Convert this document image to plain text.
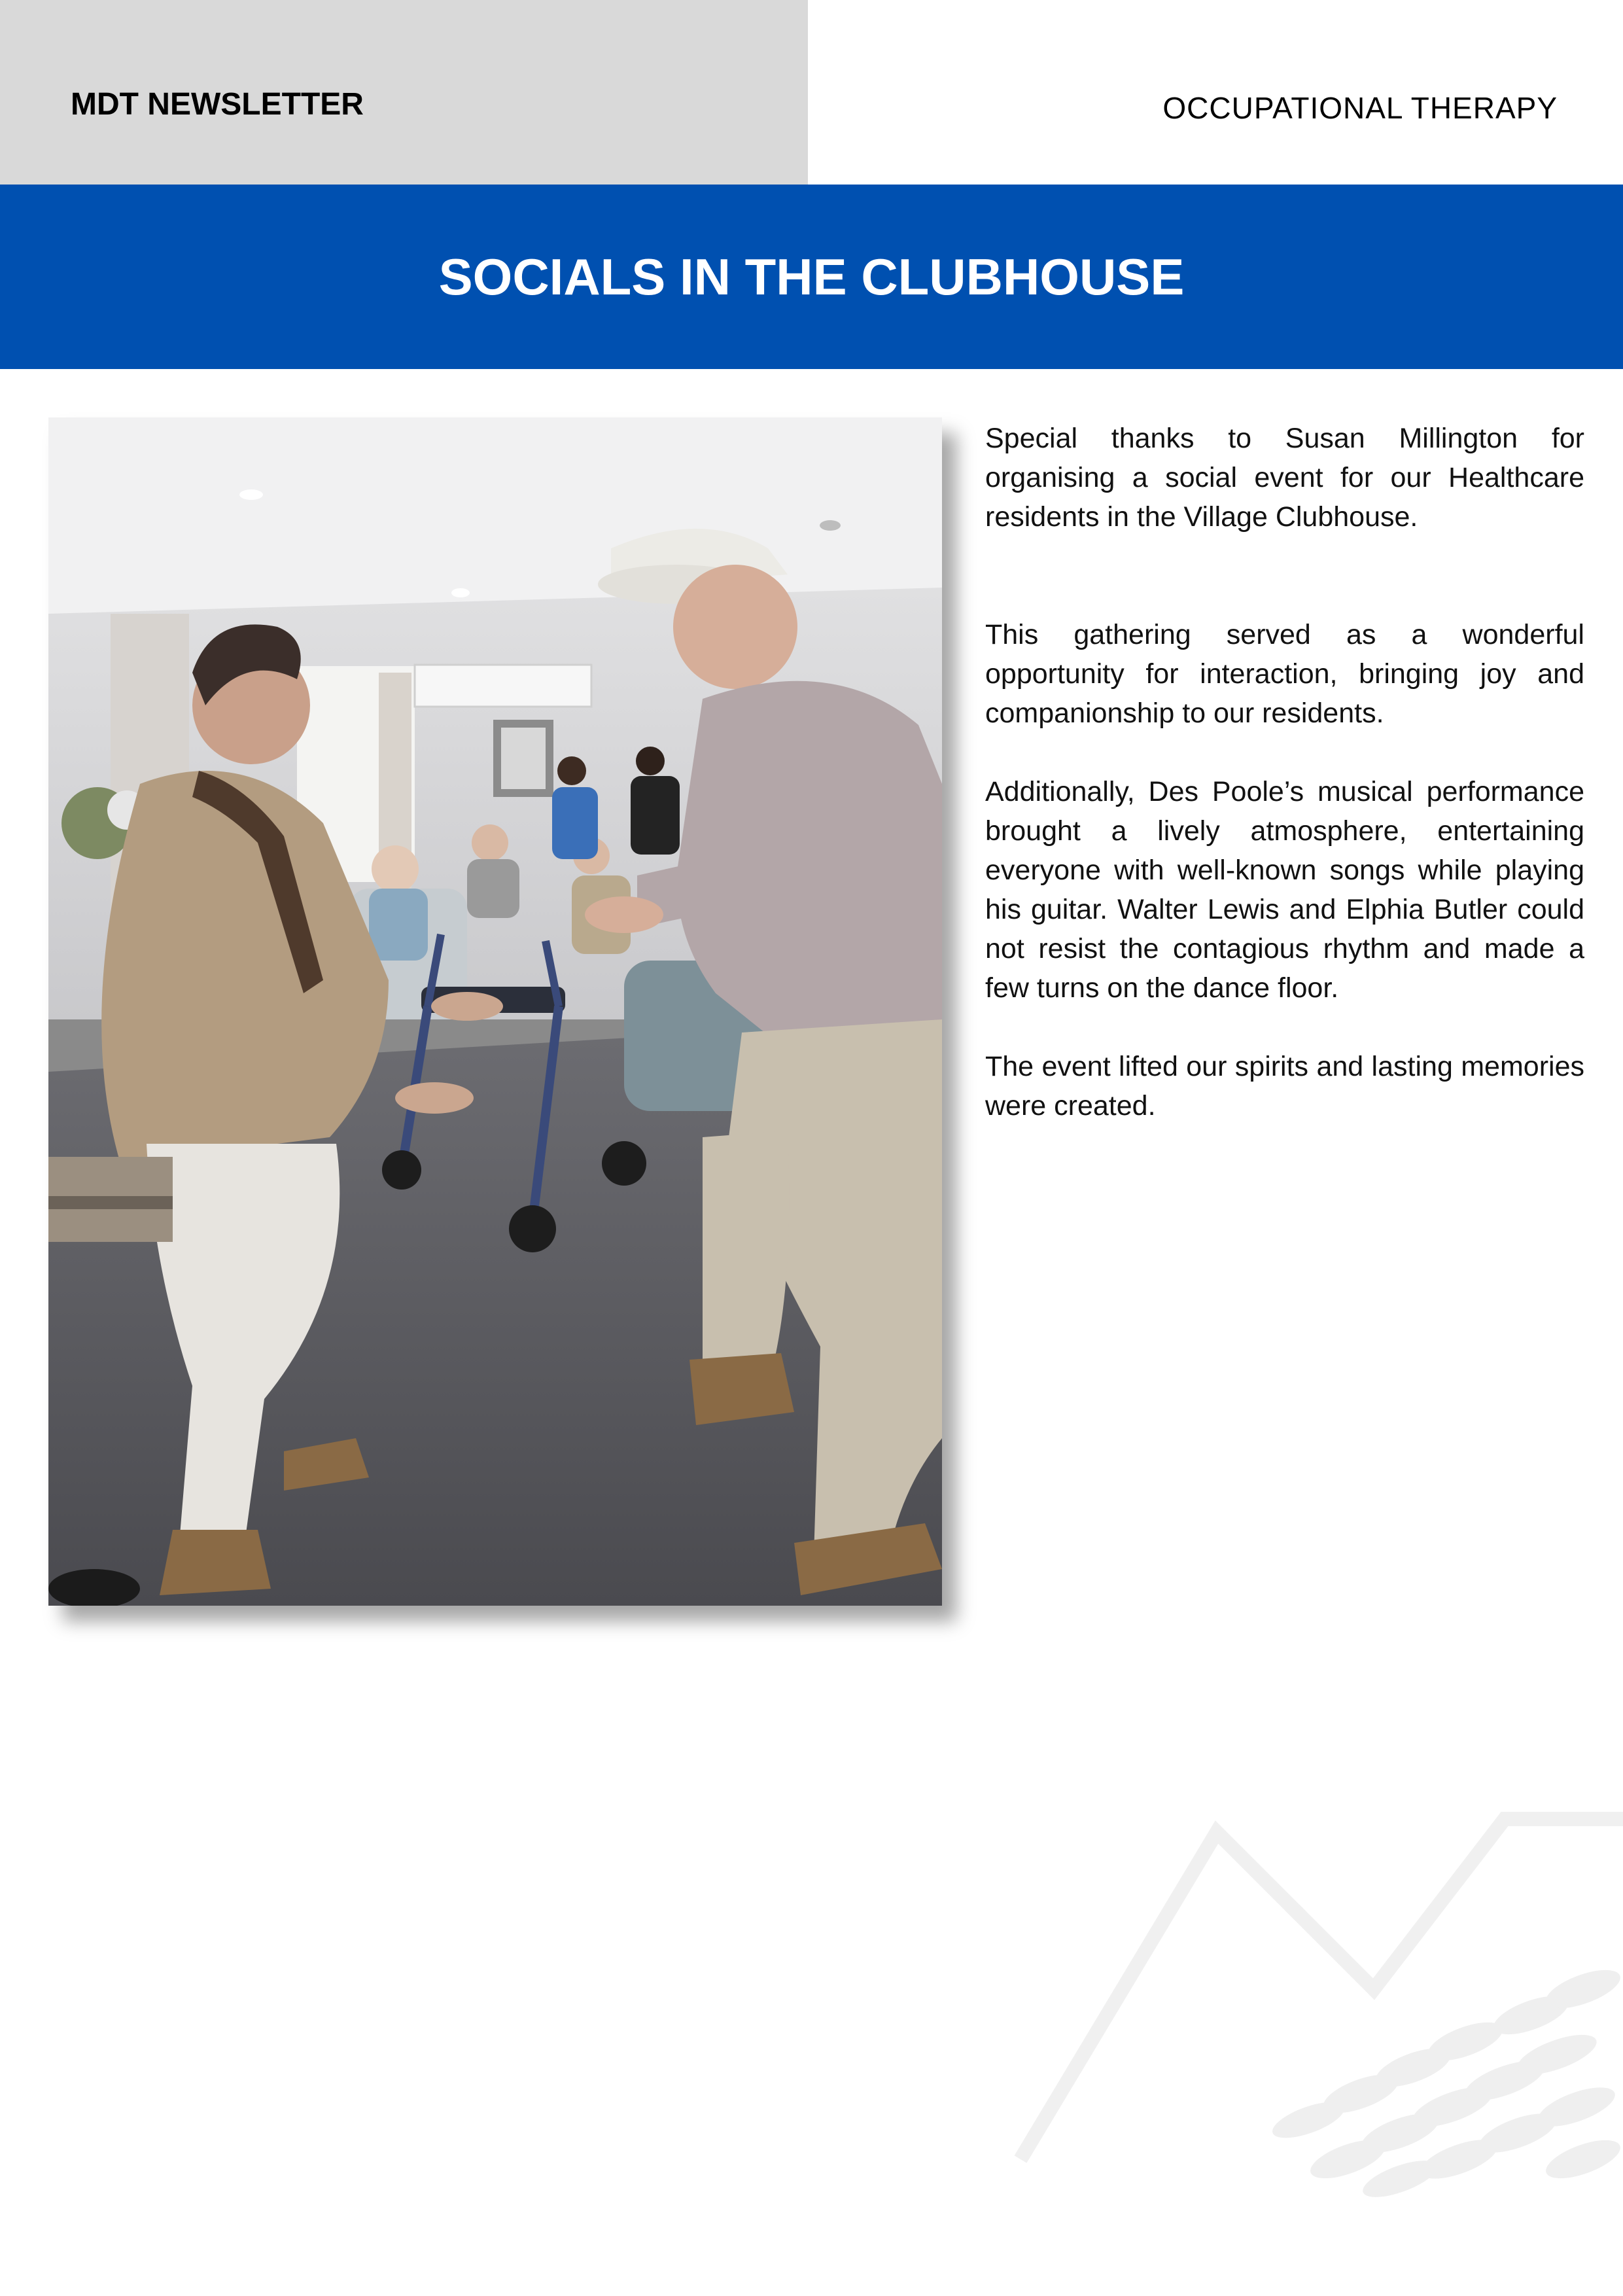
MDT NEWSLETTER	OCCUPATIONAL THERAPY
SOCIALS IN THE CLUBHOUSE

Special thanks to Susan Millington for organising a social event for our Healthcare residents in the Village Clubhouse.

This gathering served as a wonderful opportunity for interaction, bringing joy and companionship to our residents.

Additionally, Des Poole’s musical performance brought a lively atmosphere, entertaining everyone with well-known songs while playing his guitar. Walter Lewis and Elphia Butler could not resist the contagious rhythm and made a few turns on the dance floor.

The event lifted our spirits and lasting memories were created.
